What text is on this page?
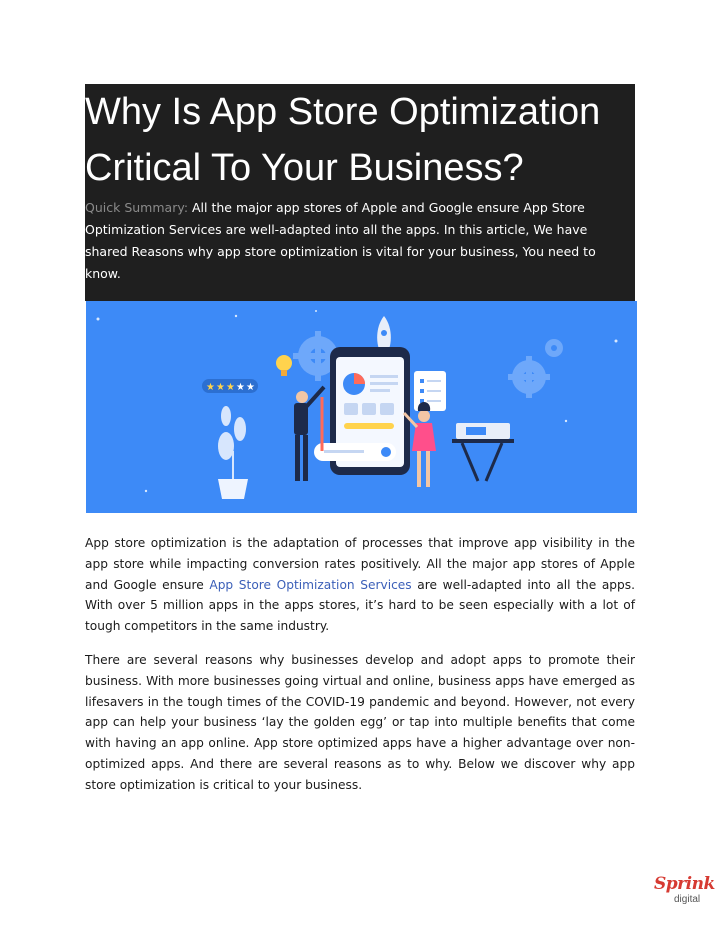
Why Is App Store Optimization
Critical To Your Business?
Quick Summary: All the major app stores of Apple and Google ensure App Store Optimization Services are well-adapted into all the apps. In this article, We have shared Reasons why app store optimization is vital for your business, You need to know.
★ ★ ★ ★ ★

App store optimization is the adaptation of processes that improve app visibility in the app store while impacting conversion rates positively. All the major app stores of Apple and Google ensure App Store Optimization Services are well-adapted into all the apps. With over 5 million apps in the apps stores, it’s hard to be seen especially with a lot of tough competitors in the same industry.

There are several reasons why businesses develop and adopt apps to promote their business. With more businesses going virtual and online, business apps have emerged as lifesavers in the tough times of the COVID-19 pandemic and beyond. However, not every app can help your business ‘lay the golden egg’ or tap into multiple benefits that come with having an app online. App store optimized apps have a higher advantage over non-optimized apps. And there are several reasons as to why. Below we discover why app store optimization is critical to your business.

Sprink
digital
